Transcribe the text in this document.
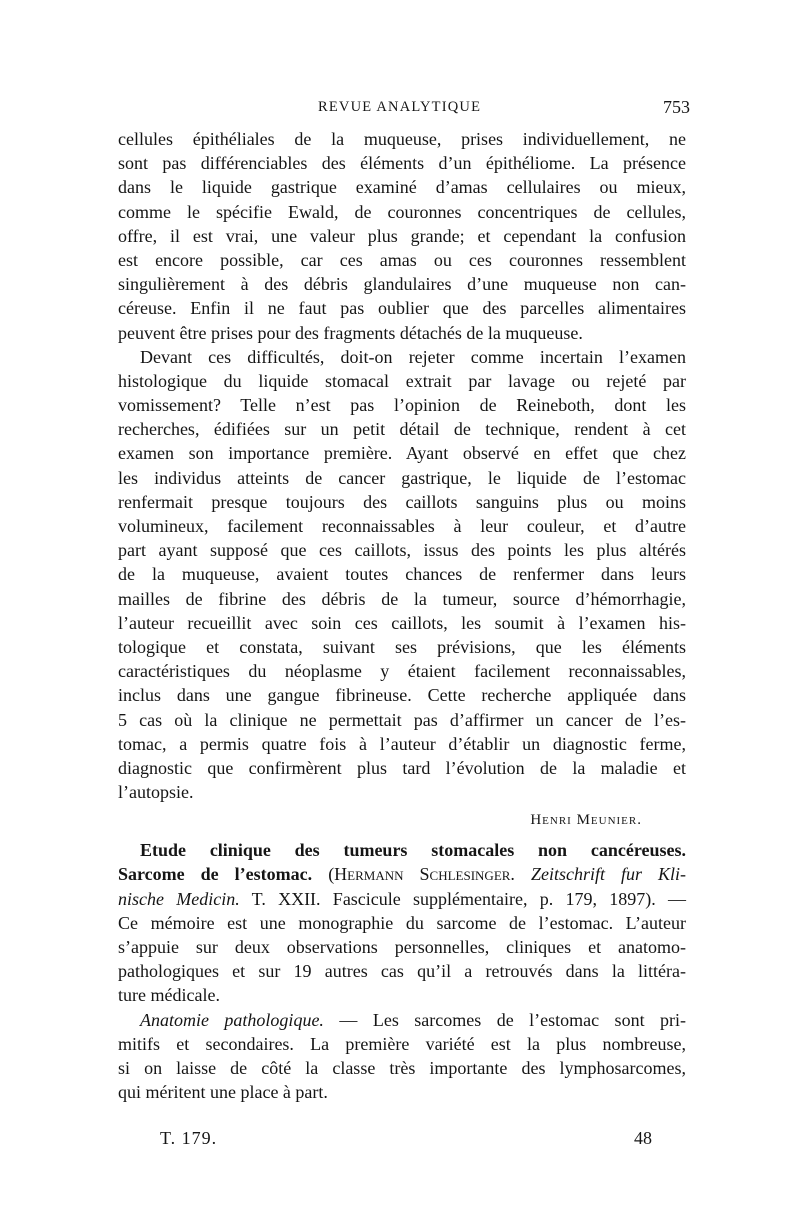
REVUE ANALYTIQUE	753
cellules épithéliales de la muqueuse, prises individuellement, ne
sont pas différenciables des éléments d’un épithéliome. La présence
dans le liquide gastrique examiné d’amas cellulaires ou mieux,
comme le spécifie Ewald, de couronnes concentriques de cellules,
offre, il est vrai, une valeur plus grande; et cependant la confusion
est encore possible, car ces amas ou ces couronnes ressemblent
singulièrement à des débris glandulaires d’une muqueuse non can-
céreuse. Enfin il ne faut pas oublier que des parcelles alimentaires
peuvent être prises pour des fragments détachés de la muqueuse.
Devant ces difficultés, doit-on rejeter comme incertain l’examen
histologique du liquide stomacal extrait par lavage ou rejeté par
vomissement? Telle n’est pas l’opinion de Reineboth, dont les
recherches, édifiées sur un petit détail de technique, rendent à cet
examen son importance première. Ayant observé en effet que chez
les individus atteints de cancer gastrique, le liquide de l’estomac
renfermait presque toujours des caillots sanguins plus ou moins
volumineux, facilement reconnaissables à leur couleur, et d’autre
part ayant supposé que ces caillots, issus des points les plus altérés
de la muqueuse, avaient toutes chances de renfermer dans leurs
mailles de fibrine des débris de la tumeur, source d’hémorrhagie,
l’auteur recueillit avec soin ces caillots, les soumit à l’examen his-
tologique et constata, suivant ses prévisions, que les éléments
caractéristiques du néoplasme y étaient facilement reconnaissables,
inclus dans une gangue fibrineuse. Cette recherche appliquée dans
5 cas où la clinique ne permettait pas d’affirmer un cancer de l’es-
tomac, a permis quatre fois à l’auteur d’établir un diagnostic ferme,
diagnostic que confirmèrent plus tard l’évolution de la maladie et
l’autopsie.
Henri Meunier.
Etude clinique des tumeurs stomacales non cancéreuses.
Sarcome de l’estomac. (Hermann Schlesinger. Zeitschrift fur Kli-
nische Medicin. T. XXII. Fascicule supplémentaire, p. 179, 1897). —
Ce mémoire est une monographie du sarcome de l’estomac. L’auteur
s’appuie sur deux observations personnelles, cliniques et anatomo-
pathologiques et sur 19 autres cas qu’il a retrouvés dans la littéra-
ture médicale.
Anatomie pathologique. — Les sarcomes de l’estomac sont pri-
mitifs et secondaires. La première variété est la plus nombreuse,
si on laisse de côté la classe très importante des lymphosarcomes,
qui méritent une place à part.
T. 179.	48
